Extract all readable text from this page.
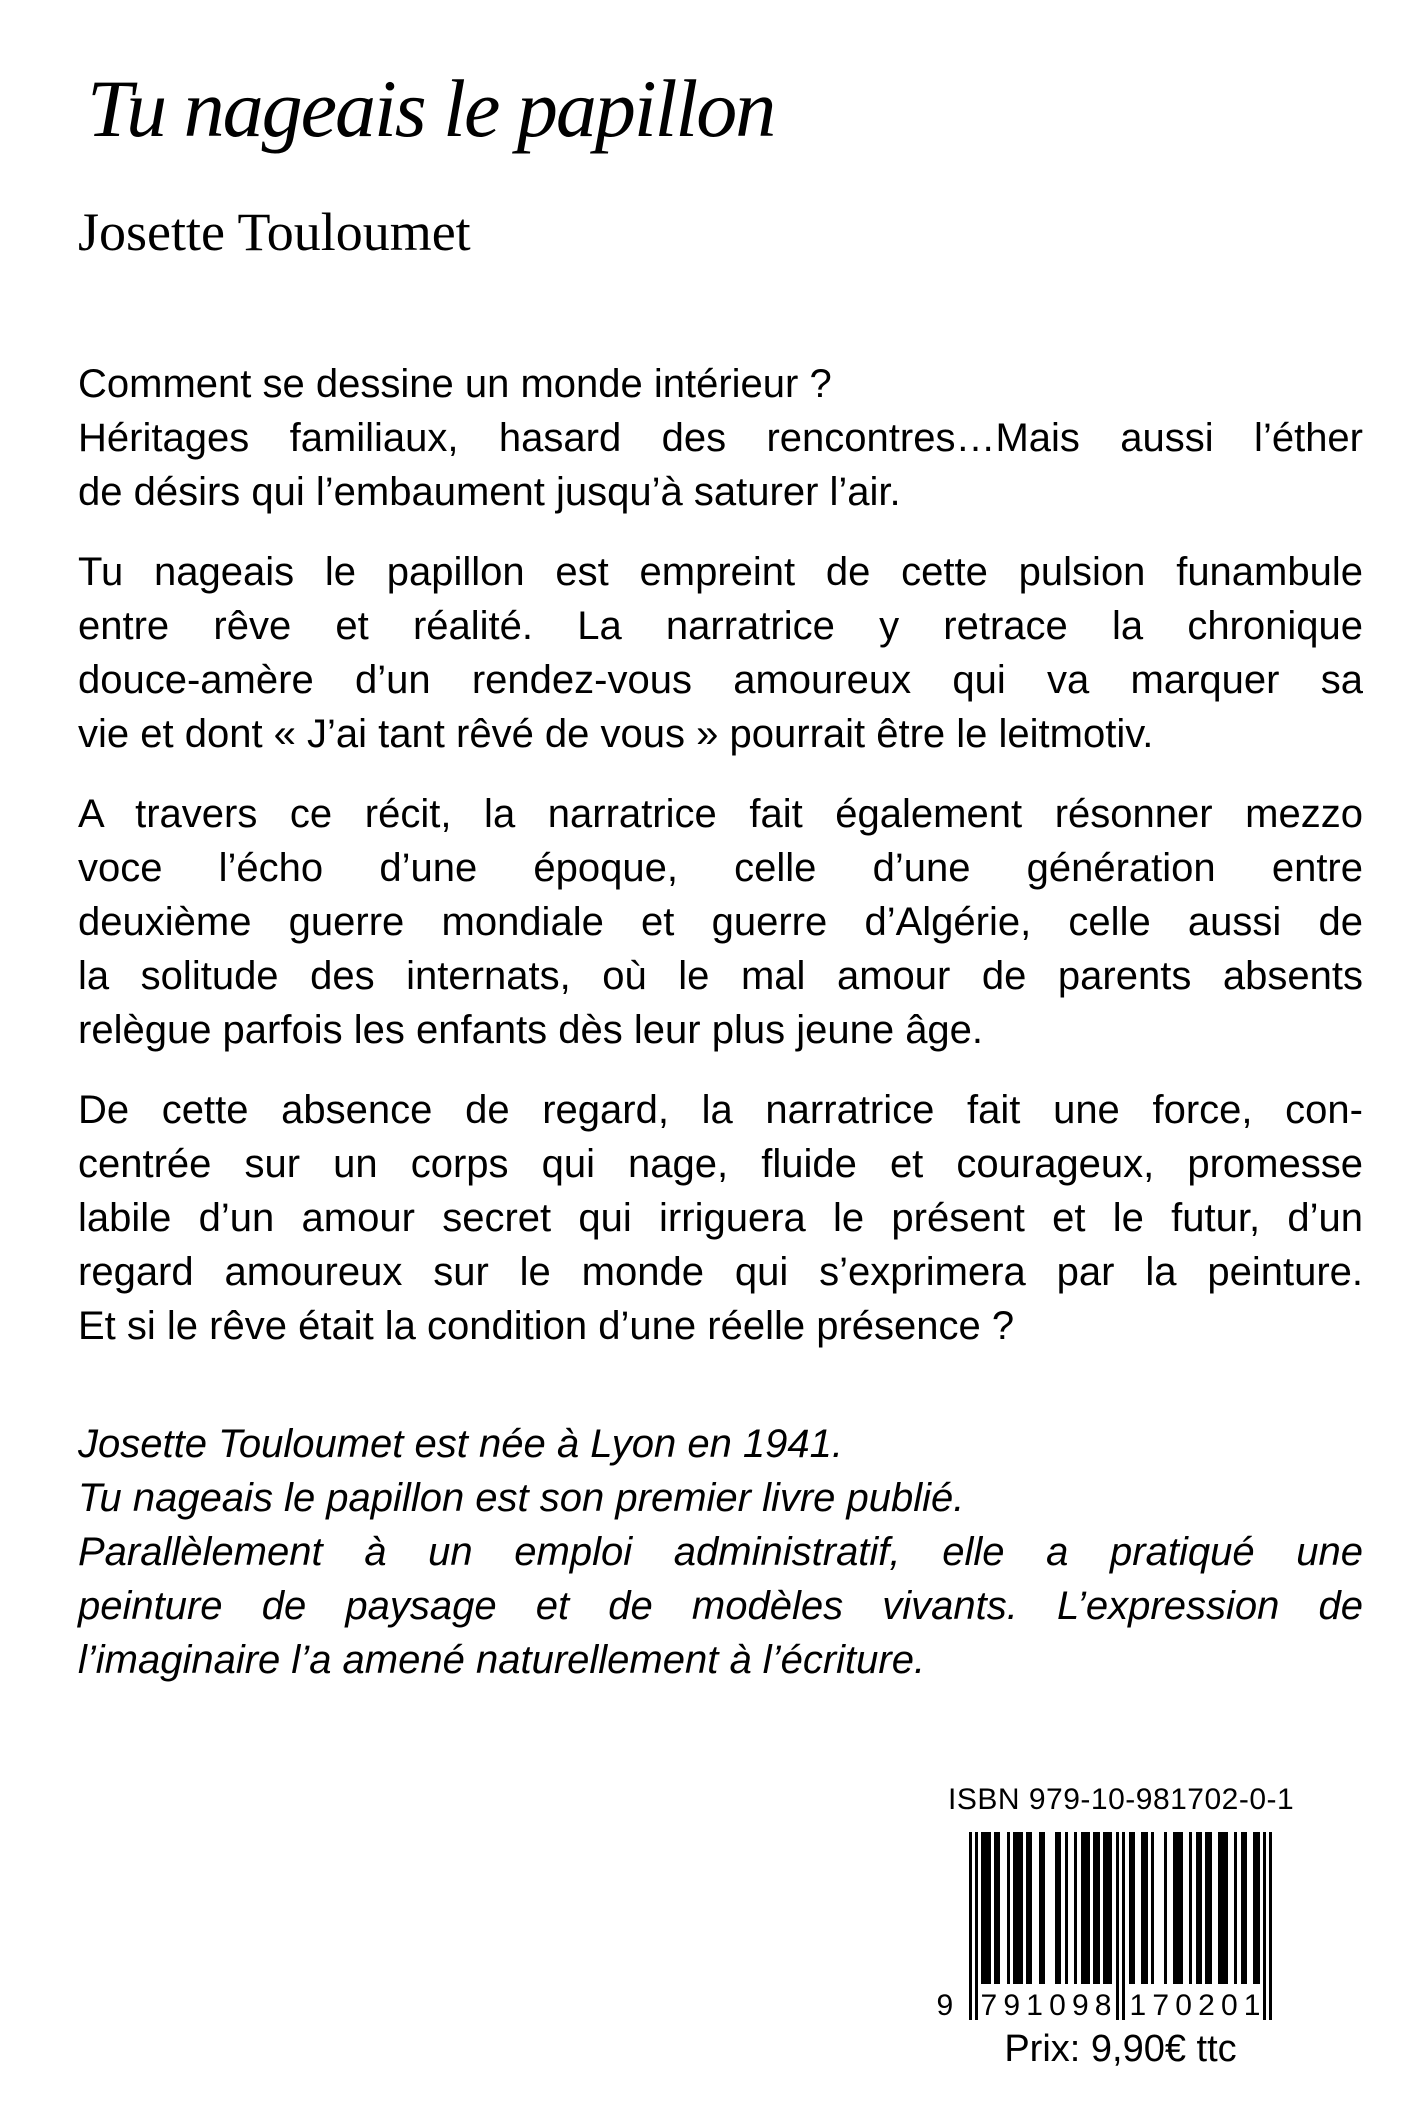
Tu nageais le papillon
Josette Touloumet
Comment se dessine un monde intérieur ?
Héritages familiaux, hasard des rencontres…Mais aussi l’éther
de désirs qui l’embaument jusqu’à saturer l’air.
Tu nageais le papillon est empreint de cette pulsion funambule
entre rêve et réalité. La narratrice y retrace la chronique
douce-amère d’un rendez-vous amoureux qui va marquer sa
vie et dont « J’ai tant rêvé de vous » pourrait être le leitmotiv.
A travers ce récit, la narratrice fait également résonner mezzo
voce l’écho d’une époque, celle d’une génération entre
deuxième guerre mondiale et guerre d’Algérie, celle aussi de
la solitude des internats, où le mal amour de parents absents
relègue parfois les enfants dès leur plus jeune âge.
De cette absence de regard, la narratrice fait une force, con-
centrée sur un corps qui nage, fluide et courageux, promesse
labile d’un amour secret qui irriguera le présent et le futur, d’un
regard amoureux sur le monde qui s’exprimera par la peinture.
Et si le rêve était la condition d’une réelle présence ?
Josette Touloumet est née à Lyon en 1941.
Tu nageais le papillon est son premier livre publié.
Parallèlement à un emploi administratif, elle a pratiqué une
peinture de paysage et de modèles vivants. L’expression de
l’imaginaire l’a amené naturellement à l’écriture.
ISBN 979-10-981702-0-1
9 7 9 1 0 9 8 1 7 0 2 0 1
Prix: 9,90€ ttc
